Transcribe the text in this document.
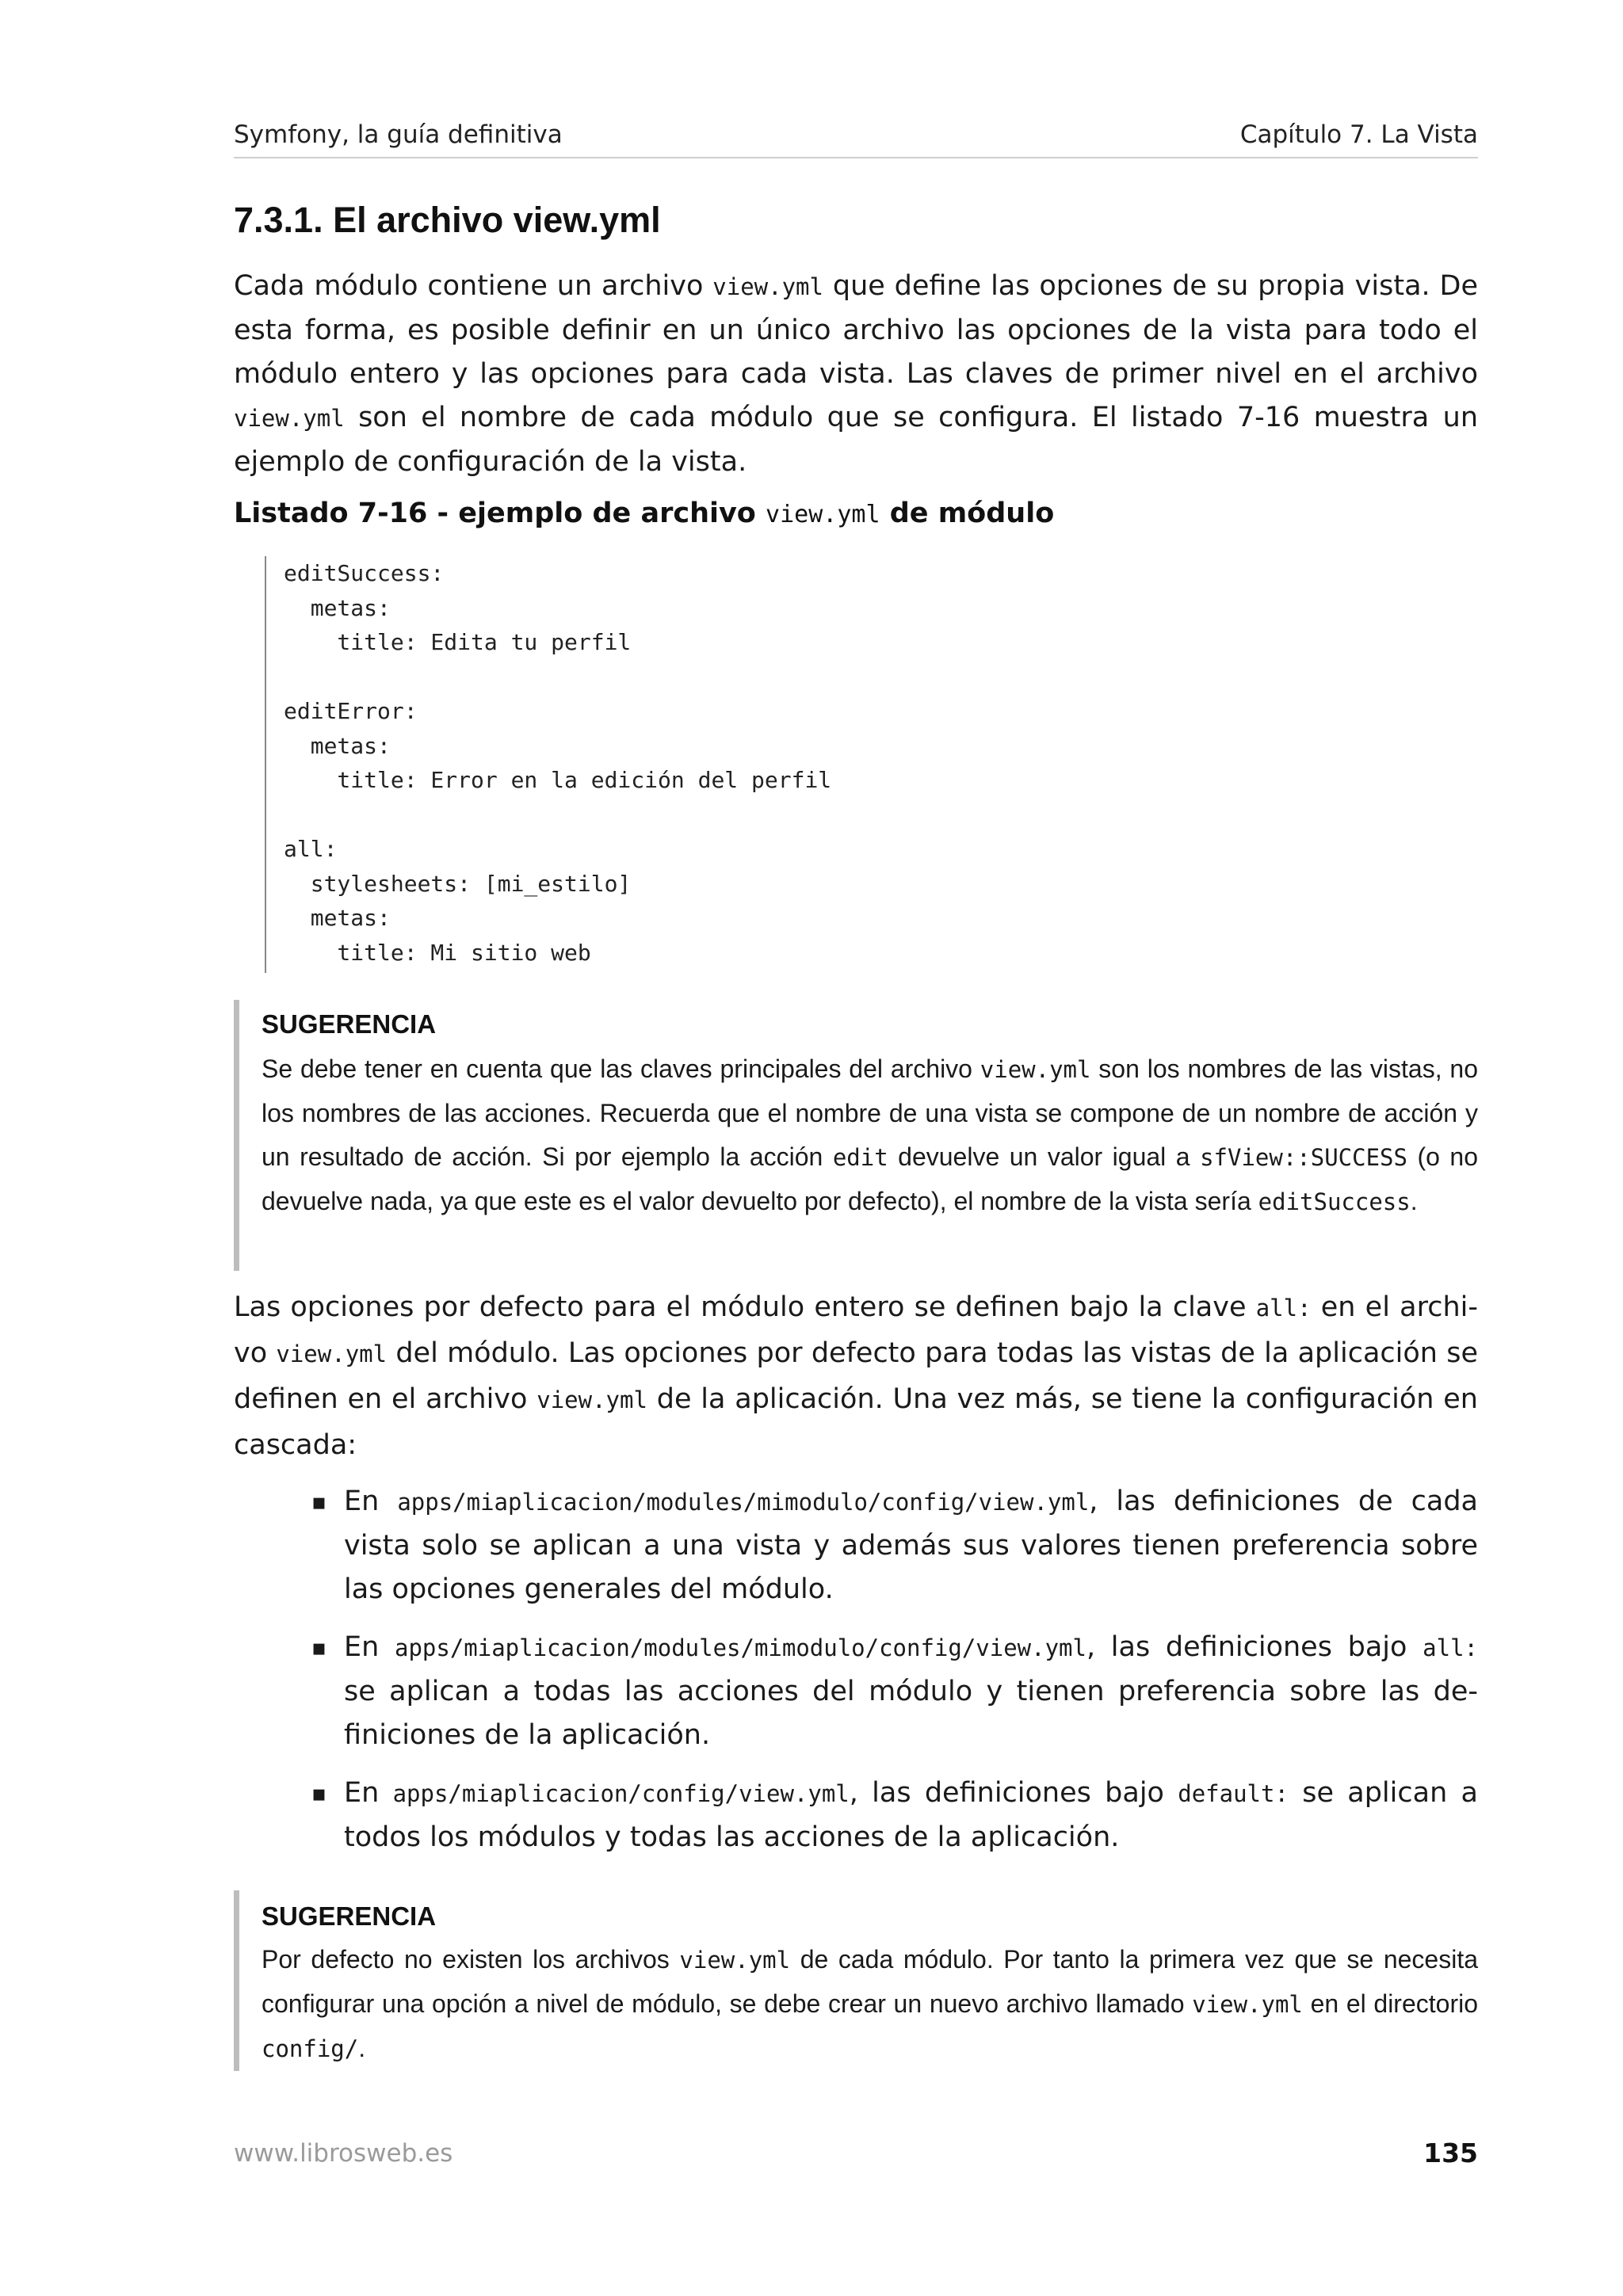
Symfony, la guía definitiva	Capítulo 7. La Vista
7.3.1. El archivo view.yml

Cada módulo contiene un archivo view.yml que define las opciones de su propia vista. De esta forma, es posible definir en un único archivo las opciones de la vista para todo el módulo entero y las opciones para cada vista. Las claves de primer nivel en el archivo view.yml son el nombre de cada módulo que se configura. El listado 7-16 muestra un ejemplo de configuración de la vista.

Listado 7-16 - ejemplo de archivo view.yml de módulo

editSuccess:
metas:
title: Edita tu perfil

editError:
metas:
title: Error en la edición del perfil

all:
stylesheets: [mi_estilo]
metas:
title: Mi sitio web
SUGERENCIA

Se debe tener en cuenta que las claves principales del archivo view.yml son los nombres de las vistas, no los nombres de las acciones. Recuerda que el nombre de una vista se compone de un nombre de acción y un resultado de acción. Si por ejemplo la acción edit devuelve un valor igual a sfView::SUCCESS (o no devuelve nada, ya que este es el valor devuelto por defecto), el nombre de la vista sería editSuccess.

Las opciones por defecto para el módulo entero se definen bajo la clave all: en el archivo view.yml del módulo. Las opciones por defecto para todas las vistas de la aplicación se definen en el archivo view.yml de la aplicación. Una vez más, se tiene la configuración en cascada:

▪ En apps/miaplicacion/modules/mimodulo/config/view.yml, las definiciones de cada vista solo se aplican a una vista y además sus valores tienen preferencia sobre las opciones generales del módulo.
▪ En apps/miaplicacion/modules/mimodulo/config/view.yml, las definiciones bajo all: se aplican a todas las acciones del módulo y tienen preferencia sobre las definiciones de la aplicación.
▪ En apps/miaplicacion/config/view.yml, las definiciones bajo default: se aplican a todos los módulos y todas las acciones de la aplicación.
SUGERENCIA

Por defecto no existen los archivos view.yml de cada módulo. Por tanto la primera vez que se necesita configurar una opción a nivel de módulo, se debe crear un nuevo archivo llamado view.yml en el directorio config/.

www.librosweb.es	135
